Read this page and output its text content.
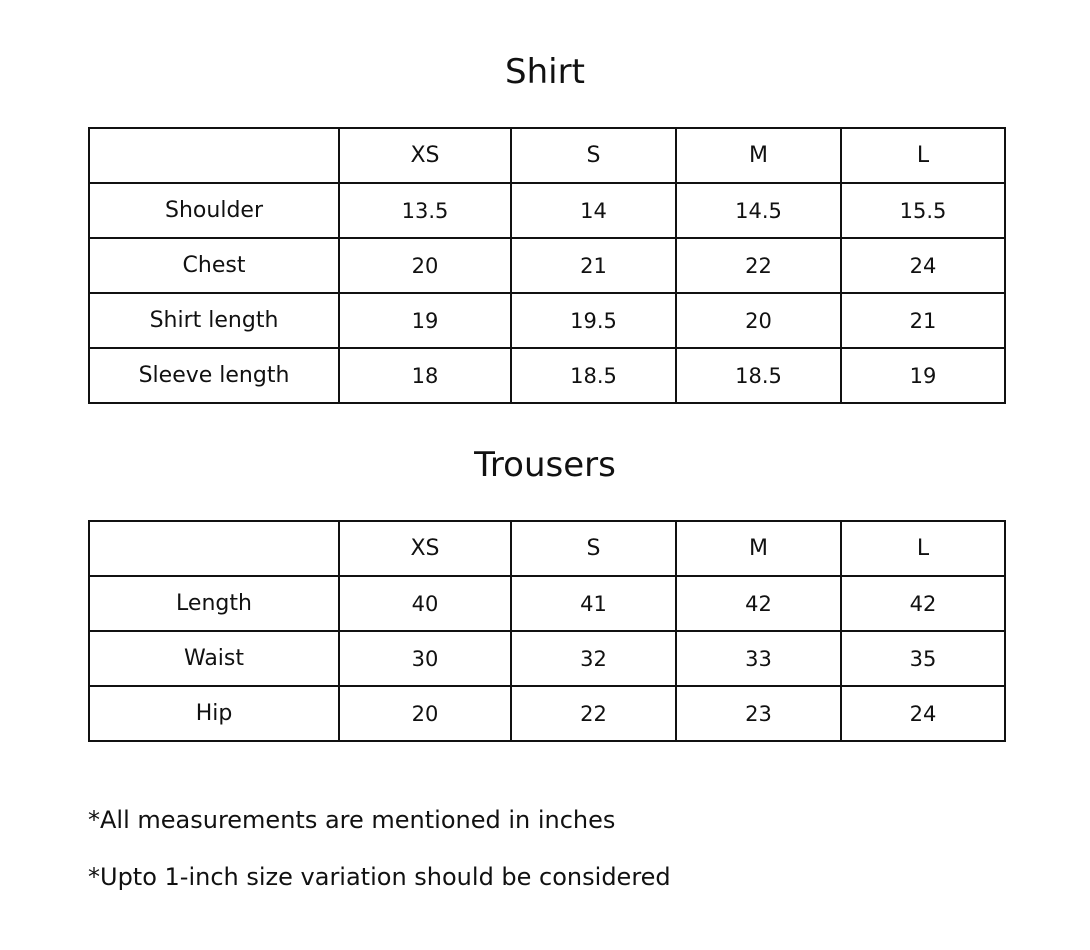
Shirt
	XS	S	M	L
Shoulder	13.5	14	14.5	15.5
Chest	20	21	22	24
Shirt length	19	19.5	20	21
Sleeve length	18	18.5	18.5	19
Trousers
	XS	S	M	L
Length	40	41	42	42
Waist	30	32	33	35
Hip	20	22	23	24

*All measurements are mentioned in inches

*Upto 1-inch size variation should be considered
